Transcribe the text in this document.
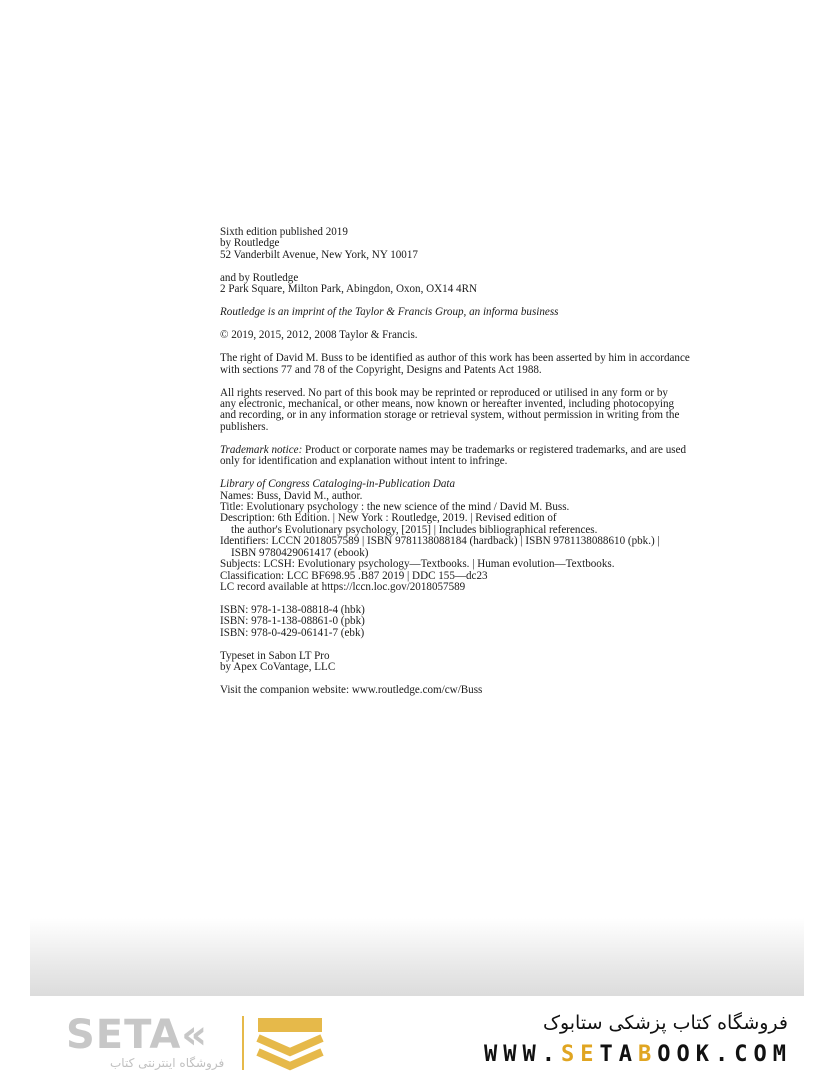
Sixth edition published 2019

by Routledge

52 Vanderbilt Avenue, New York, NY 10017

and by Routledge

2 Park Square, Milton Park, Abingdon, Oxon, OX14 4RN

Routledge is an imprint of the Taylor & Francis Group, an informa business

© 2019, 2015, 2012, 2008 Taylor & Francis.

The right of David M. Buss to be identified as author of this work has been asserted by him in accordance

with sections 77 and 78 of the Copyright, Designs and Patents Act 1988.

All rights reserved. No part of this book may be reprinted or reproduced or utilised in any form or by

any electronic, mechanical, or other means, now known or hereafter invented, including photocopying

and recording, or in any information storage or retrieval system, without permission in writing from the

publishers.

Trademark notice: Product or corporate names may be trademarks or registered trademarks, and are used

only for identification and explanation without intent to infringe.

Library of Congress Cataloging-in-Publication Data

Names: Buss, David M., author.

Title: Evolutionary psychology : the new science of the mind / David M. Buss.

Description: 6th Edition. | New York : Routledge, 2019. | Revised edition of

the author's Evolutionary psychology, [2015] | Includes bibliographical references.

Identifiers: LCCN 2018057589 | ISBN 9781138088184 (hardback) | ISBN 9781138088610 (pbk.) |

ISBN 9780429061417 (ebook)

Subjects: LCSH: Evolutionary psychology—Textbooks. | Human evolution—Textbooks.

Classification: LCC BF698.95 .B87 2019 | DDC 155—dc23

LC record available at https://lccn.loc.gov/2018057589

ISBN: 978-1-138-08818-4 (hbk)

ISBN: 978-1-138-08861-0 (pbk)

ISBN: 978-0-429-06141-7 (ebk)

Typeset in Sabon LT Pro

by Apex CoVantage, LLC

Visit the companion website: www.routledge.com/cw/Buss

SETA«
فروشگاه اینترنتی کتاب
فروشگاه کتاب پزشکی ستابوک
WWW.SETABOOK.COM
